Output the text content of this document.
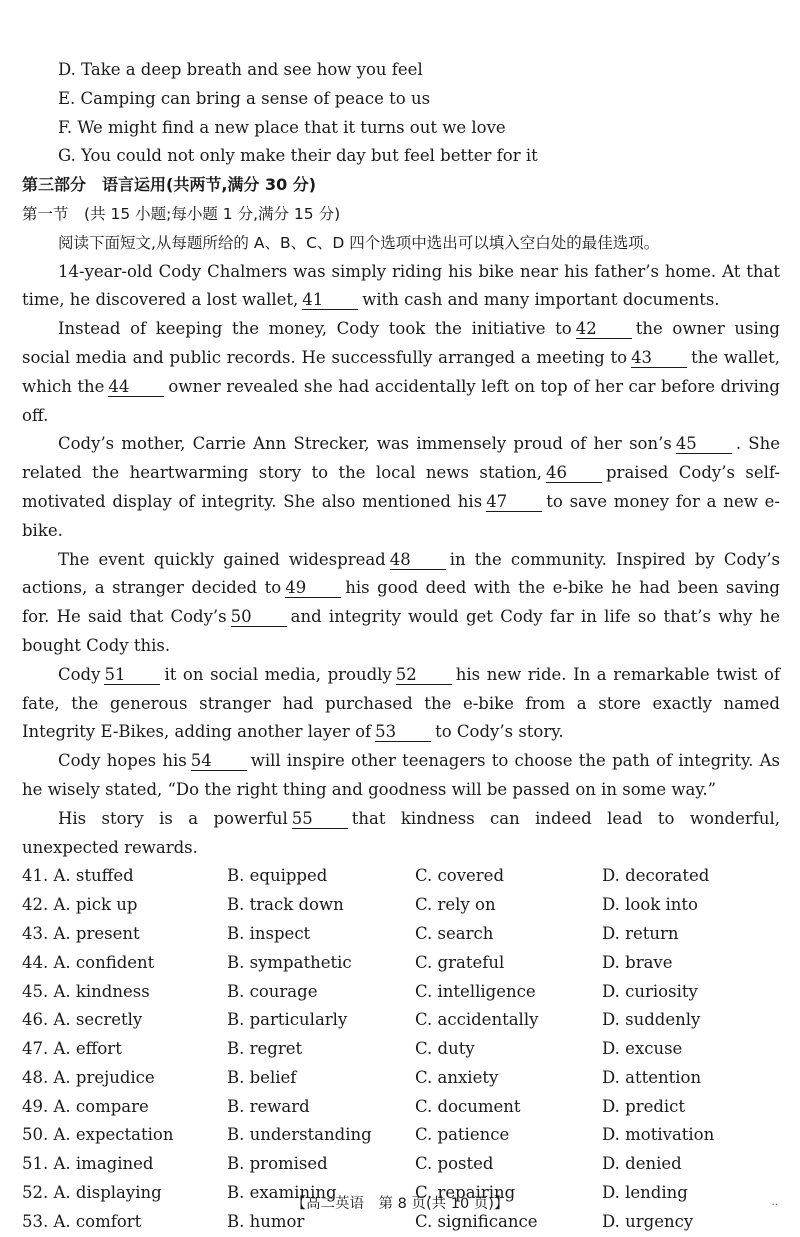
D. Take a deep breath and see how you feel
E. Camping can bring a sense of peace to us
F. We might find a new place that it turns out we love
G. You could not only make their day but feel better for it
第三部分　语言运用(共两节,满分 30 分)
第一节　(共 15 小题;每小题 1 分,满分 15 分)
阅读下面短文,从每题所给的 A、B、C、D 四个选项中选出可以填入空白处的最佳选项。

14-year-old Cody Chalmers was simply riding his bike near his father’s home. At that time, he discovered a lost wallet, 41 with cash and many important documents.

Instead of keeping the money, Cody took the initiative to 42 the owner using social media and public records. He successfully arranged a meeting to 43 the wallet, which the 44 owner revealed she had accidentally left on top of her car before driving off.

Cody’s mother, Carrie Ann Strecker, was immensely proud of her son’s 45 . She related the heartwarming story to the local news station, 46 praised Cody’s self-motivated display of integrity. She also mentioned his 47 to save money for a new e-bike.

The event quickly gained widespread 48 in the community. Inspired by Cody’s actions, a stranger decided to 49 his good deed with the e-bike he had been saving for. He said that Cody’s 50 and integrity would get Cody far in life so that’s why he bought Cody this.

Cody 51 it on social media, proudly 52 his new ride. In a remarkable twist of fate, the generous stranger had purchased the e-bike from a store exactly named Integrity E-Bikes, adding another layer of 53 to Cody’s story.

Cody hopes his 54 will inspire other teenagers to choose the path of integrity. As he wisely stated, “Do the right thing and goodness will be passed on in some way.”

His story is a powerful 55 that kindness can indeed lead to wonderful, unexpected rewards.

41. A. stuffed	B. equipped	C. covered	D. decorated
42. A. pick up	B. track down	C. rely on	D. look into
43. A. present	B. inspect	C. search	D. return
44. A. confident	B. sympathetic	C. grateful	D. brave
45. A. kindness	B. courage	C. intelligence	D. curiosity
46. A. secretly	B. particularly	C. accidentally	D. suddenly
47. A. effort	B. regret	C. duty	D. excuse
48. A. prejudice	B. belief	C. anxiety	D. attention
49. A. compare	B. reward	C. document	D. predict
50. A. expectation	B. understanding	C. patience	D. motivation
51. A. imagined	B. promised	C. posted	D. denied
52. A. displaying	B. examining	C. repairing	D. lending
53. A. comfort	B. humor	C. significance	D. urgency
【高二英语　第 8 页(共 10 页)】	··
